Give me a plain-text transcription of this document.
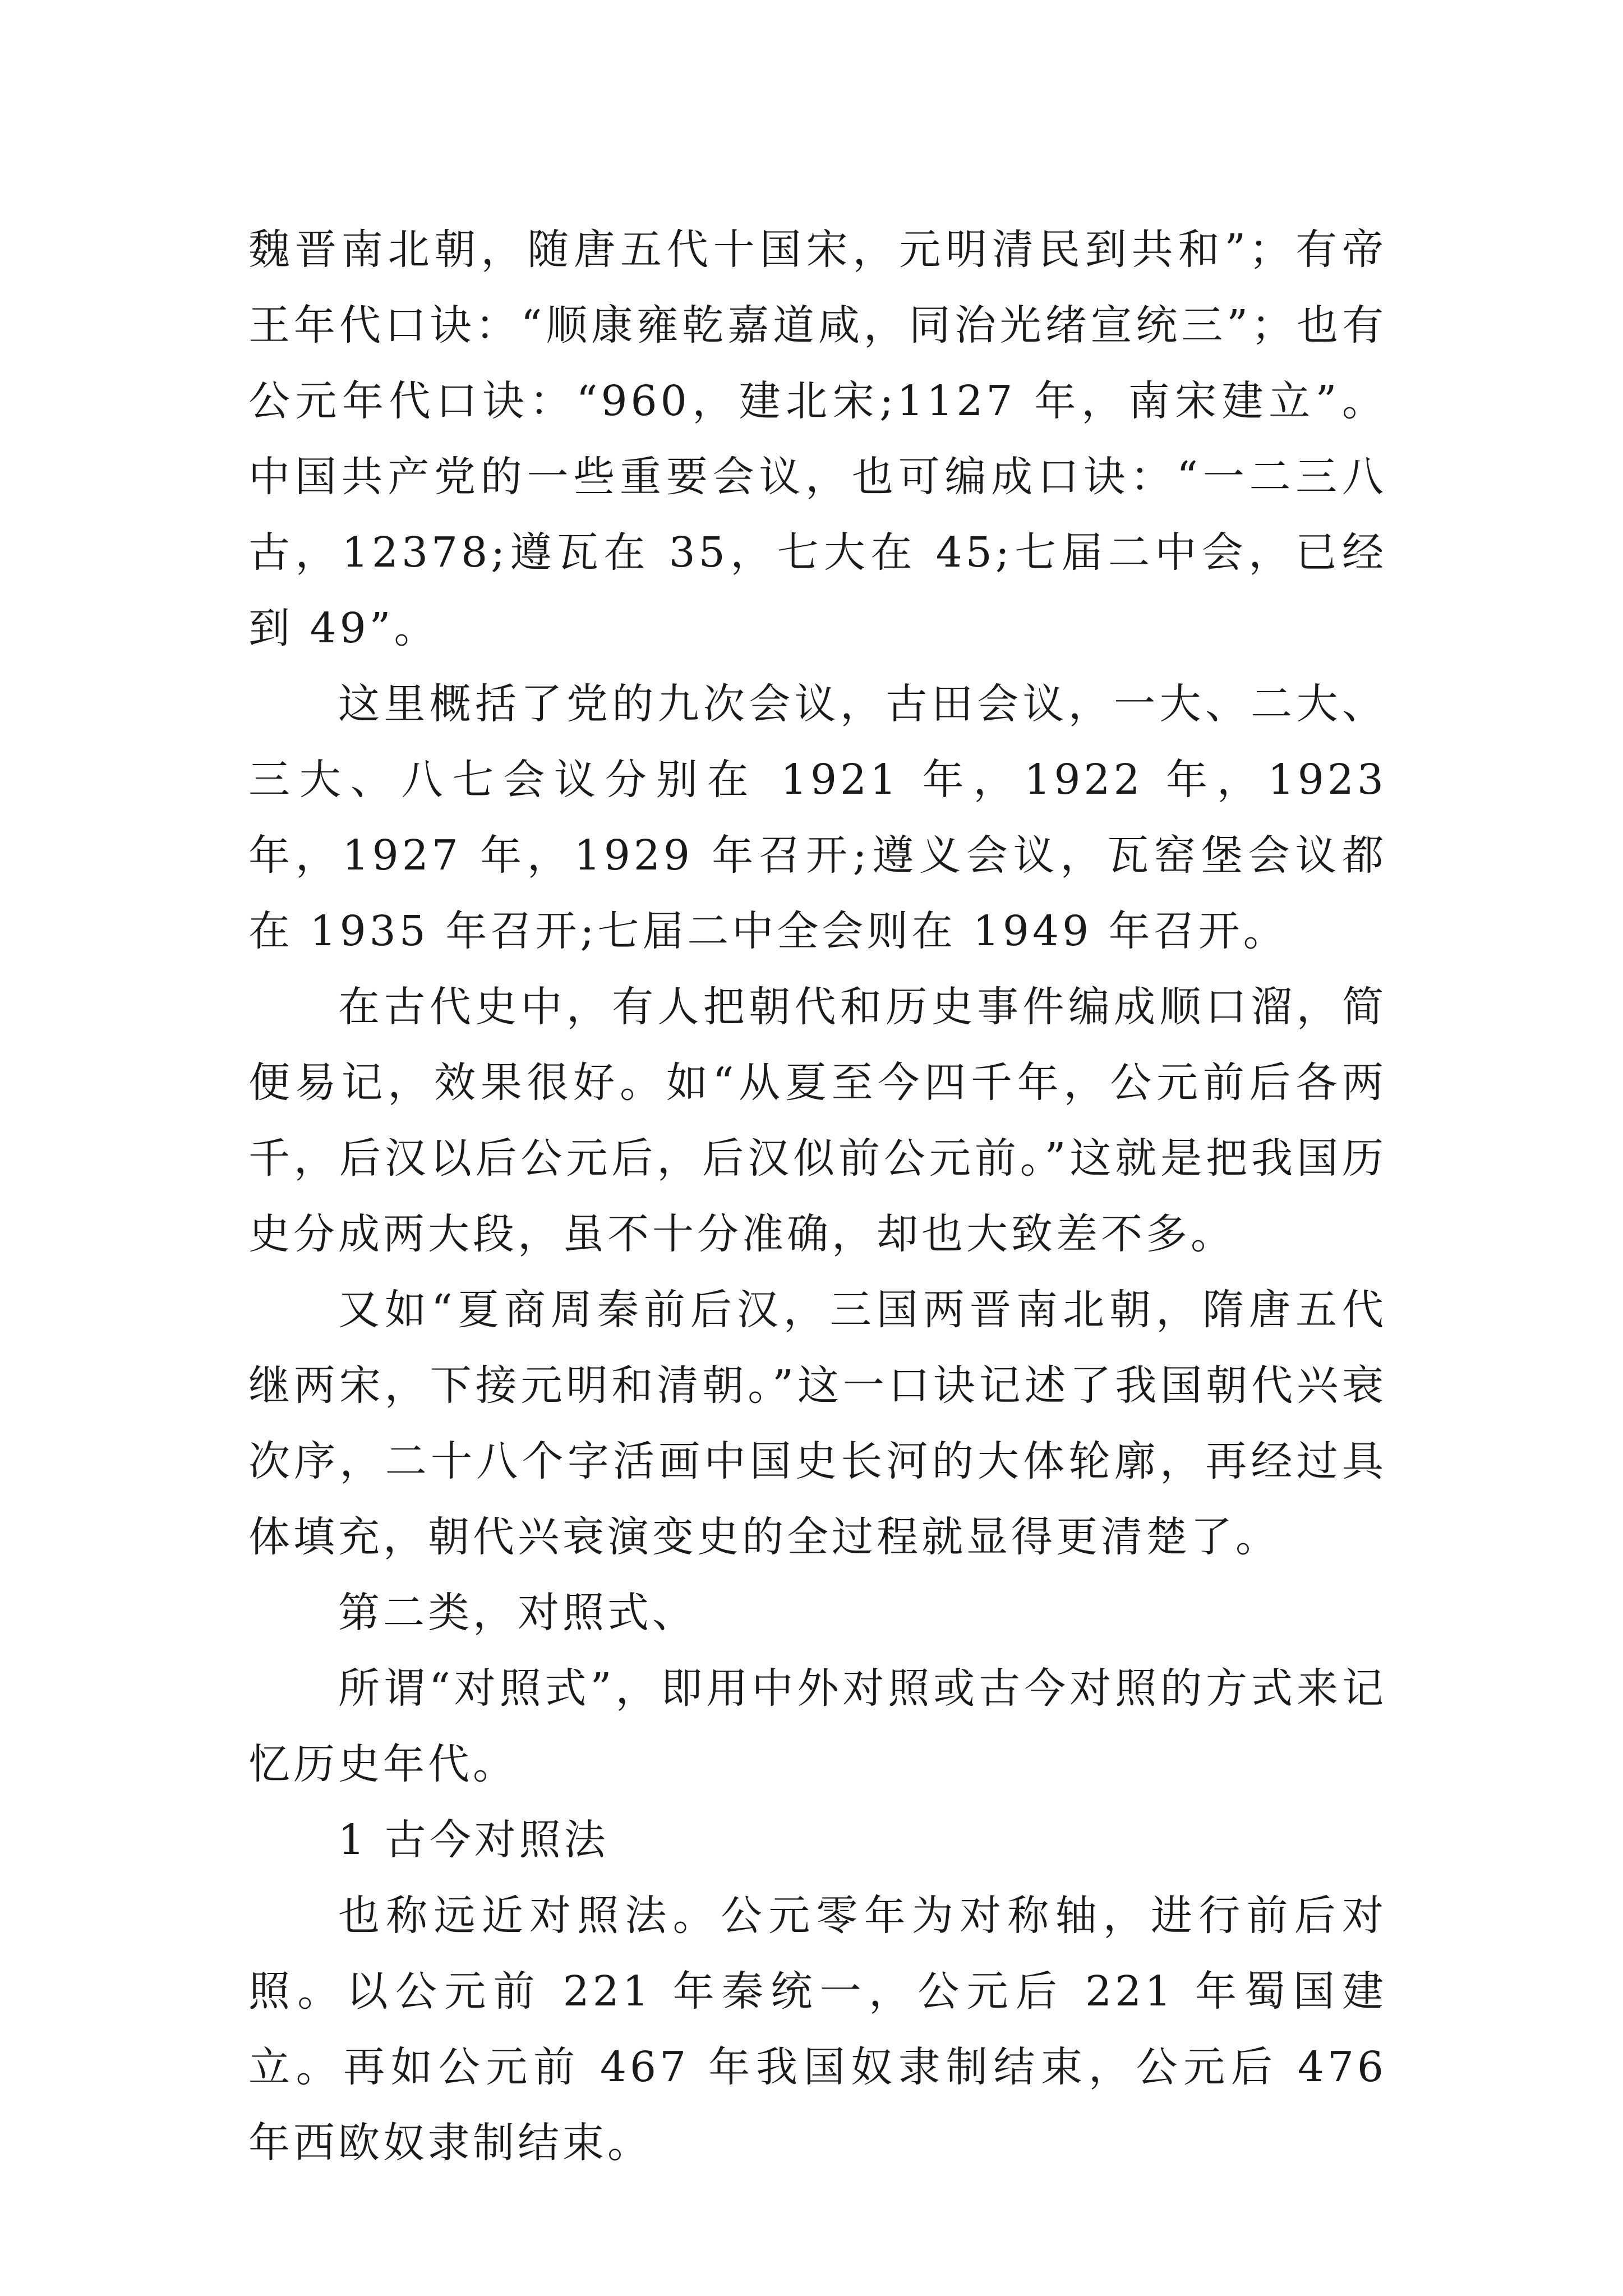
魏晋南北朝，随唐五代十国宋，元明清民到共和”；有帝王年代口诀：“顺康雍乾嘉道咸，同治光绪宣统三”；也有公元年代口诀：“960，建北宋;1127 年，南宋建立”。中国共产党的一些重要会议，也可编成口诀：“一二三八古，12378;遵瓦在 35，七大在 45;七届二中会，已经到 49”。

这里概括了党的九次会议，古田会议，一大、二大、三大、八七会议分别在 1921 年，1922 年，1923 年，1927 年，1929 年召开;遵义会议，瓦窑堡会议都在 1935 年召开;七届二中全会则在 1949 年召开。

在古代史中，有人把朝代和历史事件编成顺口溜，简便易记，效果很好。如“从夏至今四千年，公元前后各两千，后汉以后公元后，后汉似前公元前。”这就是把我国历史分成两大段，虽不十分准确，却也大致差不多。

又如“夏商周秦前后汉，三国两晋南北朝，隋唐五代继两宋，下接元明和清朝。”这一口诀记述了我国朝代兴衰次序，二十八个字活画中国史长河的大体轮廓，再经过具体填充，朝代兴衰演变史的全过程就显得更清楚了。

第二类，对照式、

所谓“对照式”，即用中外对照或古今对照的方式来记忆历史年代。

1 古今对照法

也称远近对照法。公元零年为对称轴，进行前后对照。以公元前 221 年秦统一，公元后 221 年蜀国建立。再如公元前 467 年我国奴隶制结束，公元后 476 年西欧奴隶制结束。
